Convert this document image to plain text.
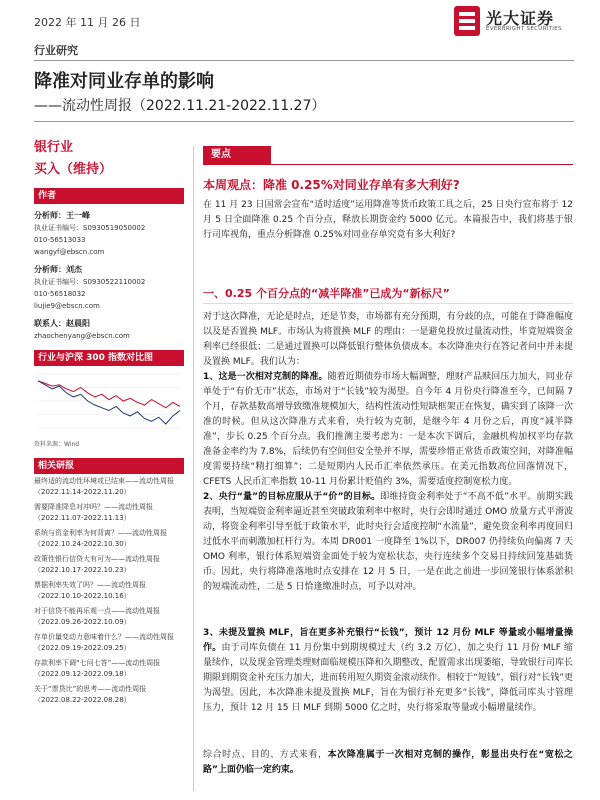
2022 年 11 月 26 日	光大证券
EVERBRIGHT SECURITIES
行业研究
降准对同业存单的影响
——流动性周报（2022.11.21-2022.11.27）
银行业
买入（维持）
作者
分析师：王一峰
执业证书编号：S0930519050002
010-56513033
wangyf@ebscn.com
分析师：刘杰
执业证书编号：S0930522110002
010-56518032
liujie9@ebscn.com
联系人：赵晨阳
zhaochenyang@ebscn.com
行业与沪深 300 指数对比图
资料来源：Wind
相关研报
最终适的流动性环境或已结束——流动性周报（2022.11.14-2022.11.20）
需要降准降息对冲吗？——流动性周报（2022.11.07-2022.11.13）
系统与资金利率为何背离？——流动性周报（2022.10.24-2022.10.30）
政策性银行信贷大有可为——流动性周报（2022.10.17-2022.10.23）
票据利率失效了吗？——流动性周报（2022.10.10-2022.10.16）
对于信贷不能再乐观一点——流动性周报（2022.09.26-2022.10.09）
存单价量变动力意味着什么？——流动性周报（2022.09.19-2022.09.25）
存款利率下调“七问七答”——流动性周报（2022.09.12-2022.09.18）
关于“票贷比”的思考——流动性周报（2022.08.22-2022.08.28）
要点
本周观点：降准 0.25%对同业存单有多大利好?
在 11 月 23 日国常会宣布“适时适度”运用降准等货币政策工具之后，25 日央行宣布将于 12 月 5 日全面降准 0.25 个百分点，释放长期资金约 5000 亿元。本篇报告中，我们将基于银行司库视角，重点分析降准 0.25%对同业存单究竟有多大利好?
一、0.25 个百分点的“减半降准”已成为“新标尺”
对于这次降准，无论是时点，还是节奏，市场都有充分预期，有分歧的点，可能在于降准幅度以及是否置换 MLF。市场认为将置换 MLF 的理由：一是避免投放过量流动性，毕竟短端资金利率已经很低；二是通过置换可以降低银行整体负债成本。本次降准央行在答记者问中并未提及置换 MLF。我们认为：
1、这是一次相对克制的降准。随着近期债券市场大幅调整，理财产品赎回压力加大，同业存单处于“有价无市”状态，市场对于“长钱”较为渴望。自今年 4 月份央行降准至今，已间隔 7 个月，存款基数高增导致缴准规模加大，结构性流动性短缺框架正在恢复，确实到了该降一次准的时候。但从这次降准方式来看，央行较为克制，是继今年 4 月份之后，再度“减半降准”，步长 0.25 个百分点。我们推测主要考虑为：一是本次下调后，金融机构加权平均存款准备金率约为 7.8%，后续仍有空间但安全垫并不厚，需要珍惜正常货币政策空间，对降准幅度需要持续“精打细算”；二是短期内人民币汇率依然承压。在美元指数高位回落情况下，CFETS 人民币汇率指数 10-11 月份累计贬值约 3%，需要适度控制宽松力度。
2、央行“量”的目标应服从于“价”的目标。即维持资金利率处于“不高不低”水平。前期实践表明，当短端资金利率逼近甚至突破政策利率中枢时，央行会即时通过 OMO 放量方式平滑波动，将资金利率引导至低于政策水平，此时央行会适度控制“水流量”，避免资金利率再度回归过低水平而刺激加杠杆行为。本周 DR001 一度降至 1%以下，DR007 仍持续负向偏离 7 天 OMO 利率，银行体系短端资金面处于较为宽松状态，央行连续多个交易日持续回笼基础货币。因此，央行将降准落地时点安排在 12 月 5 日，一是在此之前进一步回笼银行体系淤积的短端流动性，二是 5 日恰逢缴准时点，可予以对冲。
3、未提及置换 MLF，旨在更多补充银行“长钱”，预计 12 月份 MLF 等量或小幅增量操作。由于司库负债在 11 月份集中到期规模过大（约 3.2 万亿），加之央行 11 月份 MLF 缩量续作，以及现金管理类理财面临规模压降和久期整改，配置需求出现萎缩，导致银行司库长期限到期资金补充压力加大，进而转用短久期资金滚动续作。相较于“短钱”，银行对“长钱”更为渴望。因此，本次降准未提及置换 MLF，旨在为银行补充更多“长钱”，降低司库头寸管理压力，预计 12 月 15 日 MLF 到期 5000 亿之时，央行将采取等量或小幅增量续作。
综合时点、目的、方式来看，本次降准属于一次相对克制的操作，彰显出央行在“宽松之路”上面仍临一定约束。
